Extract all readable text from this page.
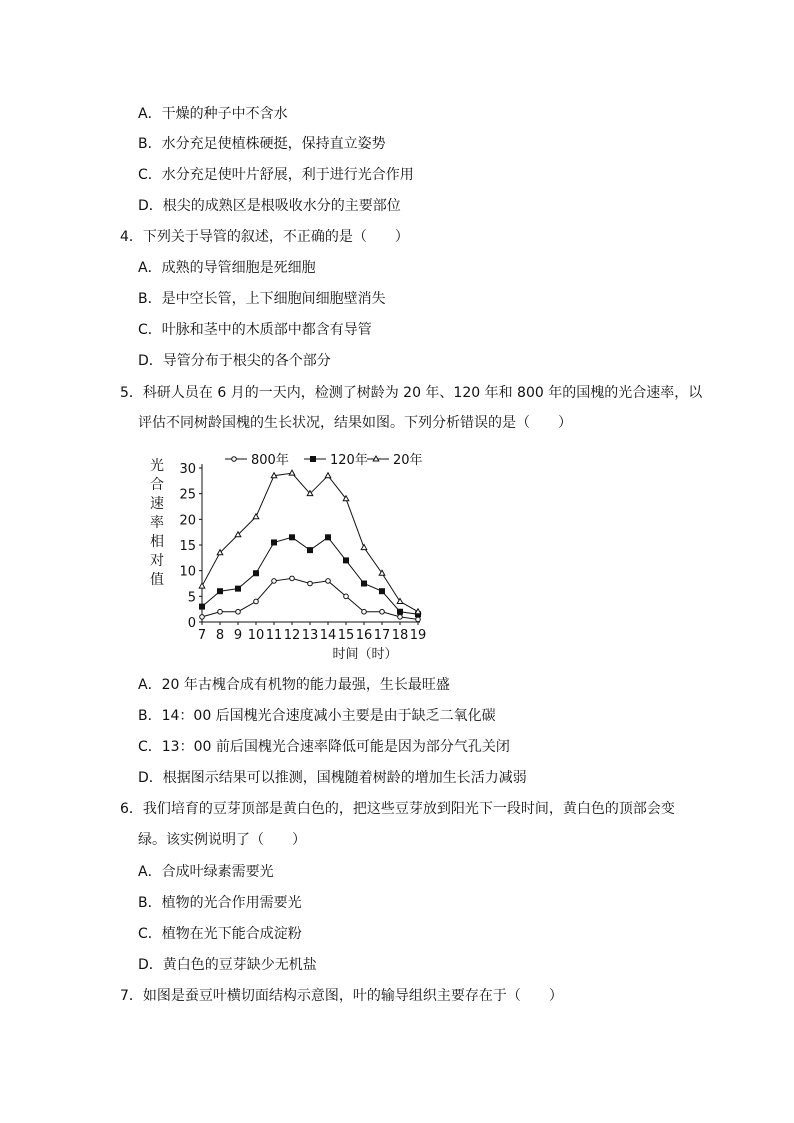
A．干燥的种子中不含水
B．水分充足使植株硬挺，保持直立姿势
C．水分充足使叶片舒展，利于进行光合作用
D．根尖的成熟区是根吸收水分的主要部位
4．下列关于导管的叙述，不正确的是（　　）
A．成熟的导管细胞是死细胞
B．是中空长管，上下细胞间细胞壁消失
C．叶脉和茎中的木质部中都含有导管
D．导管分布于根尖的各个部分
5．科研人员在 6 月的一天内，检测了树龄为 20 年、120 年和 800 年的国槐的光合速率，以
评估不同树龄国槐的生长状况，结果如图。下列分析错误的是（　　）
光
合
速
率
相
对
值
0
5
10
15
20
25
30
7 8 9 10 11 12 13 14 15 16 17 18 19
800年	120年 20年
时间（时）
A．20 年古槐合成有机物的能力最强，生长最旺盛
B．14：00 后国槐光合速度减小主要是由于缺乏二氧化碳
C．13：00 前后国槐光合速率降低可能是因为部分气孔关闭
D．根据图示结果可以推测，国槐随着树龄的增加生长活力减弱
6．我们培育的豆芽顶部是黄白色的，把这些豆芽放到阳光下一段时间，黄白色的顶部会变
绿。该实例说明了（　　）
A．合成叶绿素需要光
B．植物的光合作用需要光
C．植物在光下能合成淀粉
D．黄白色的豆芽缺少无机盐
7．如图是蚕豆叶横切面结构示意图，叶的输导组织主要存在于（　　）
